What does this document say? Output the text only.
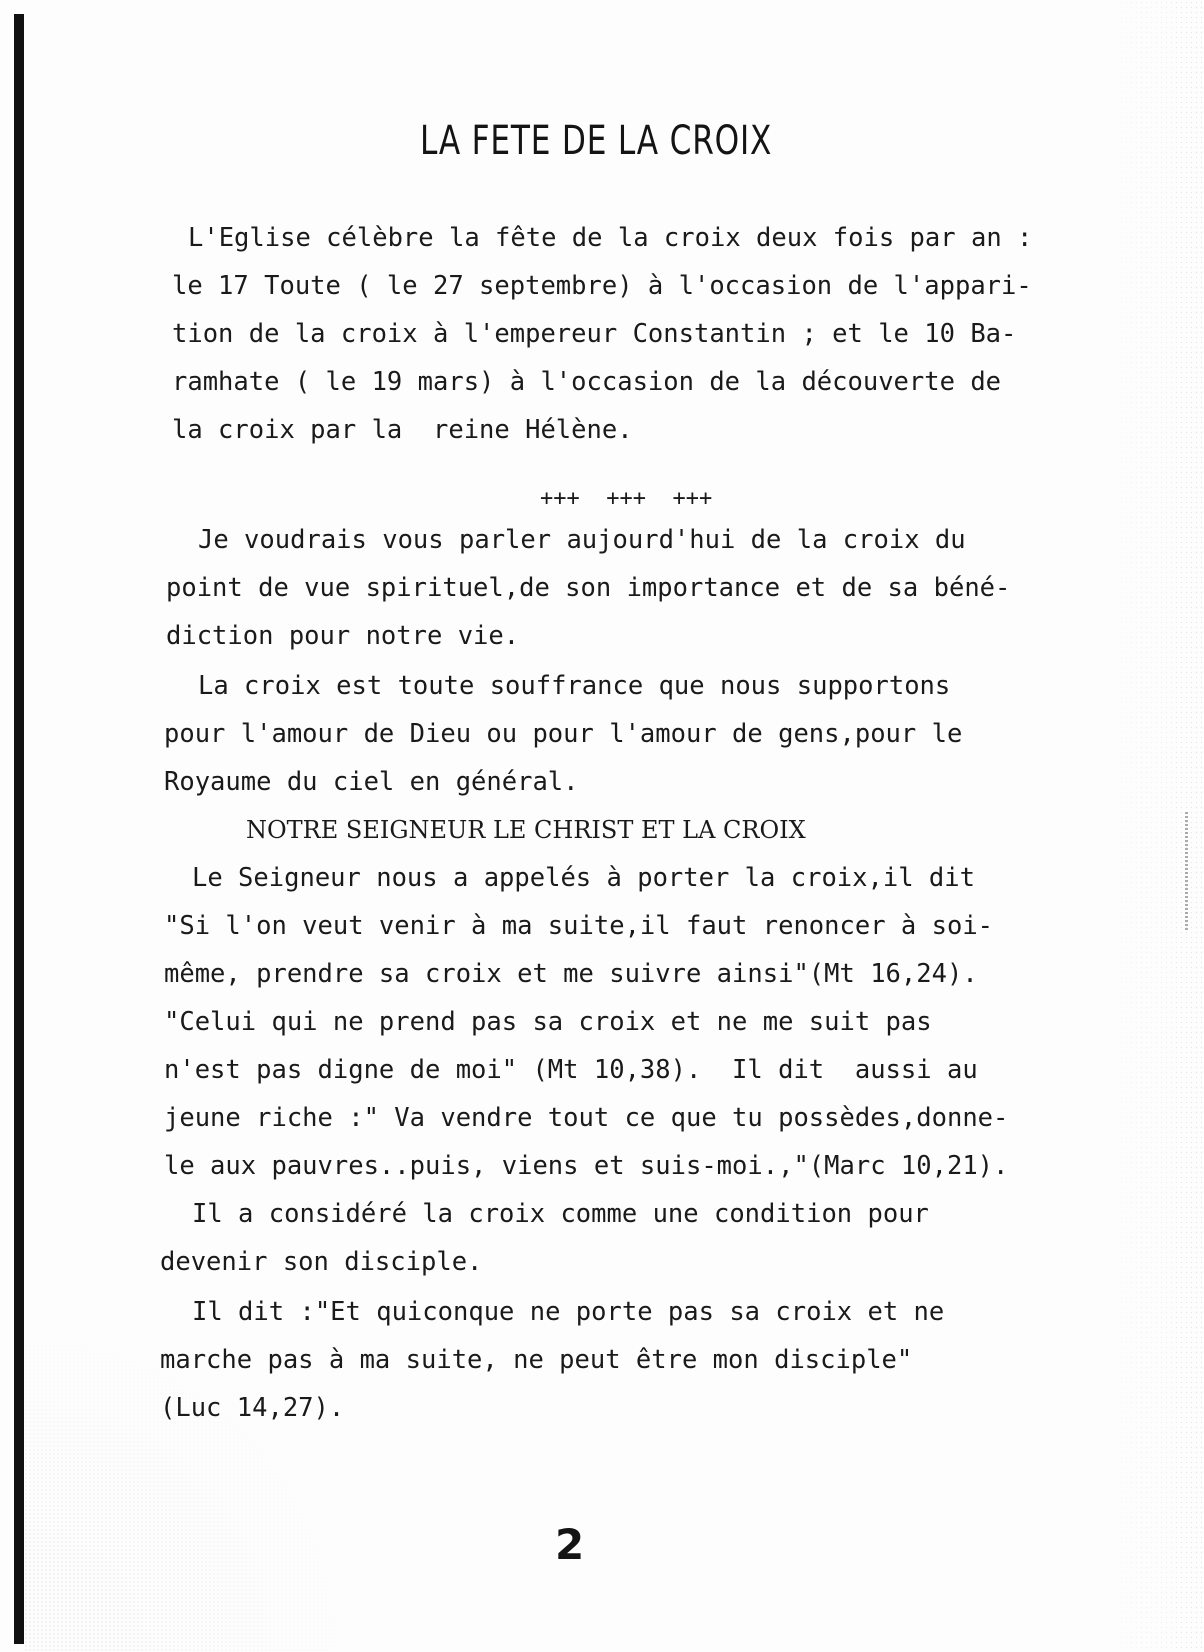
LA FETE DE LA CROIX

L'Eglise célèbre la fête de la croix deux fois par an :

le 17 Toute ( le 27 septembre) à l'occasion de l'appari-

tion de la croix à l'empereur Constantin ; et le 10 Ba-

ramhate ( le 19 mars) à l'occasion de la découverte de

la croix par la  reine Hélène.

+++  +++  +++

Je voudrais vous parler aujourd'hui de la croix du

point de vue spirituel,de son importance et de sa béné-

diction pour notre vie.

La croix est toute souffrance que nous supportons

pour l'amour de Dieu ou pour l'amour de gens,pour le

Royaume du ciel en général.

NOTRE SEIGNEUR LE CHRIST ET LA CROIX

Le Seigneur nous a appelés à porter la croix,il dit

"Si l'on veut venir à ma suite,il faut renoncer à soi-

même, prendre sa croix et me suivre ainsi"(Mt 16,24).

"Celui qui ne prend pas sa croix et ne me suit pas

n'est pas digne de moi" (Mt 10,38).  Il dit  aussi au

jeune riche :" Va vendre tout ce que tu possèdes,donne-

le aux pauvres..puis, viens et suis-moi.,"(Marc 10,21).

Il a considéré la croix comme une condition pour

devenir son disciple.

Il dit :"Et quiconque ne porte pas sa croix et ne

marche pas à ma suite, ne peut être mon disciple"

(Luc 14,27).

2
